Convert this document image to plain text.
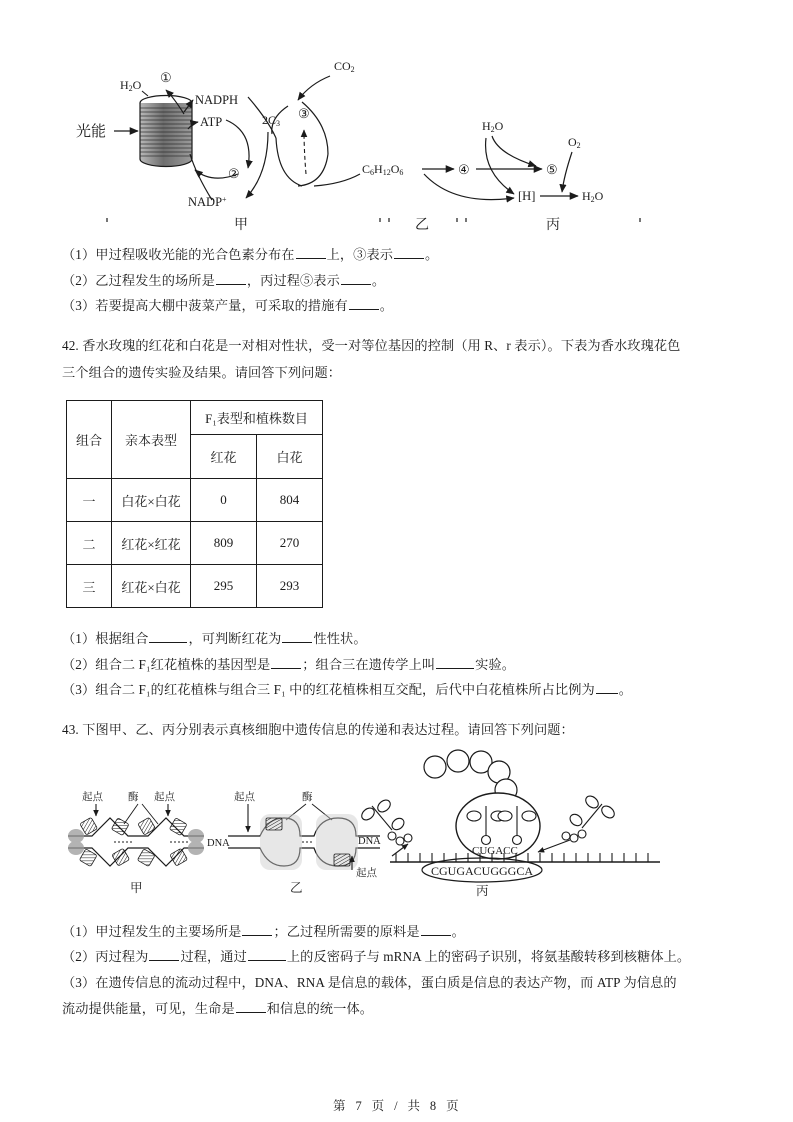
光能
H2O ①
NADPH
ATP
NADP+
②
CO2
2C3
③
C6H12O6	④	⑤
H2O
[H]
O2
H2O
甲	乙	丙
（1）甲过程吸收光能的光合色素分布在 上，③表示 。
（2）乙过程发生的场所是 ，丙过程⑤表示 。
（3）若要提高大棚中菠菜产量，可采取的措施有 。
42. 香水玫瑰的红花和白花是一对相对性状，受一对等位基因的控制（用 R、r 表示）。下表为香水玫瑰花色
三个组合的遗传实验及结果。请回答下列问题：
组合	亲本表型	F₁表型和植株数目	
		红花	白花
一	白花×白花	0	804
二	红花×红花	809	270
三	红花×白花	295	293
（1）根据组合	，可判断红花为 性性状。
（2）组合二 F₁红花植株的基因型是 ；组合三在遗传学上叫	实验。
（3）组合二 F₁的红花植株与组合三 F₁ 中的红花植株相互交配，后代中白花植株所占比例为 。
43. 下图甲、乙、丙分别表示真核细胞中遗传信息的传递和表达过程。请回答下列问题：
起点 酶 起点
DNA
甲
起点	酶
DNA
起点
乙
CUGACC
CGUGACUGGGCA
丙
（1）甲过程发生的主要场所是 ；乙过程所需要的原料是 。
（2）丙过程为 过程，通过	上的反密码子与 mRNA 上的密码子识别，将氨基酸转移到核糖体上。
（3）在遗传信息的流动过程中，DNA、RNA 是信息的载体，蛋白质是信息的表达产物，而 ATP 为信息的
流动提供能量，可见，生命是 和信息的统一体。
第 7 页 / 共 8 页
